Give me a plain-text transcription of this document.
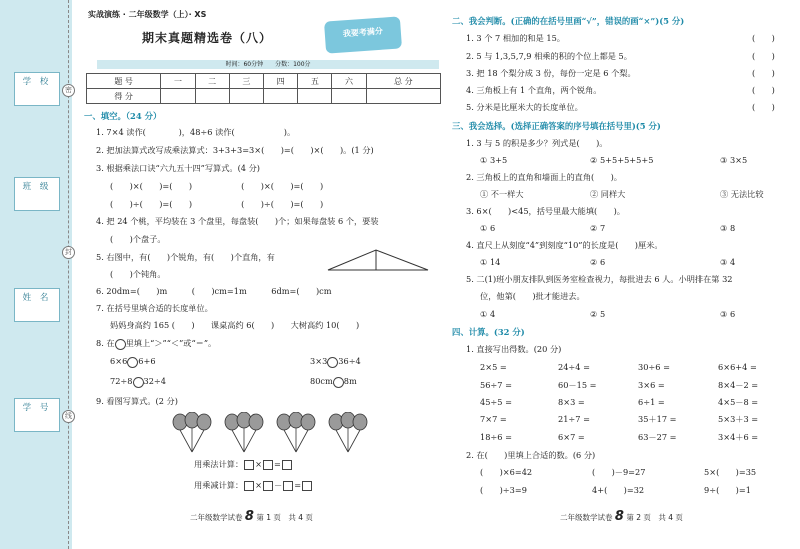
学 校
班 级
姓 名
学 号
密
封
线
实战演练 · 二年级数学（上）· XS
期末真题精选卷（八）	我要考满分
时间：60分钟　　分数：100分
题 号	一	二	三	四	五	六	总 分
得 分							
一、填空。（24 分）
1. 7×4 读作(　　　　)，48÷6 读作(　　　　　　)。
2. 把加法算式改写成乘法算式：3+3+3=3×(　　)=(　　)×(　　)。(1 分)
3. 根据乘法口诀“六九五十四”写算式。(4 分)
(　　)×(　　)=(　　)　　　　　　(　　)×(　　)=(　　)
(　　)÷(　　)=(　　)　　　　　　(　　)÷(　　)=(　　)
4. 把 24 个桃，平均装在 3 个盘里，每盘装(　　)个；如果每盘装 6 个，要装
(　　)个盘子。
5. 右图中，有(　　)个锐角，有(　　)个直角，有
(　　)个钝角。
6. 20dm=(　　)m　　　(　　)cm=1m　　　6dm=(　　)cm
7. 在括号里填合适的长度单位。
妈妈身高约 165 (　　)　　课桌高约 6(　　)　　大树高约 10(　　)
8. 在 里填上“＞”“＜”或“＝”。
6×6 6+6	3×3 36÷4
72÷8 32÷4	80cm 8m
9. 看图写算式。(2 分)
用乘法计算： × =
用乘减计算： × － =
二年级数学试卷 8 第 1 页　共 4 页
二、我会判断。(正确的在括号里画“√”，错误的画“×”)(5 分)
1. 3 个 7 相加的和是 15。	(　　)
2. 5 与 1,3,5,7,9 相乘的积的个位上都是 5。	(　　)
3. 把 18 个梨分成 3 份，每份一定是 6 个梨。	(　　)
4. 三角板上有 1 个直角，两个锐角。	(　　)
5. 分米是比厘米大的长度单位。	(　　)
三、我会选择。(选择正确答案的序号填在括号里)(5 分)
1. 3 与 5 的积是多少？列式是(　　)。
① 3+5	② 5+5+5+5+5	③ 3×5
2. 三角板上的直角和墙面上的直角(　　)。
① 不一样大	② 同样大	③ 无法比较
3. 6×(　　)<45，括号里最大能填(　　)。
① 6	② 7	③ 8
4. 直尺上从刻度“4”到刻度“10”的长度是(　　)厘米。
① 14	② 6	③ 4
5. 二(1)班小朋友排队到医务室检查视力，每批进去 6 人。小明排在第 32
位，他第(　　)批才能进去。
① 4	② 5	③ 6
四、计算。(32 分)
1. 直接写出得数。(20 分)
2×5 =	24÷4 =	30÷6 =	6×6+4 =
56÷7 =	60－15 =	3×6 =	8×4－2 =
45÷5 =	8×3 =	6÷1 =	4×5－8 =
7×7 =	21÷7 =	35＋17 =	5×3＋3 =
18÷6 =	6×7 =	63－27 =	3×4＋6 =
2. 在(　　)里填上合适的数。(6 分)
(　　)×6=42	(　　)－9=27	5×(　　)=35
(　　)÷3=9	4+(　　)=32	9÷(　　)=1
二年级数学试卷 8 第 2 页　共 4 页
